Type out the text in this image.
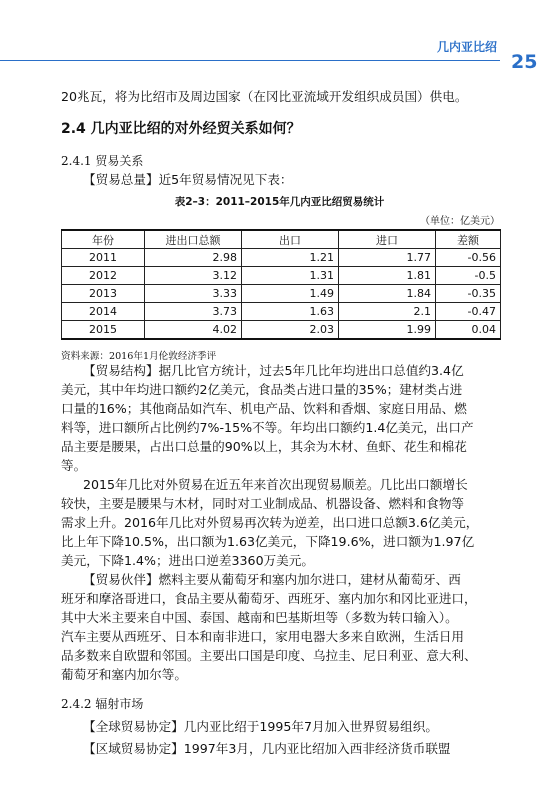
几内亚比绍
25
20兆瓦，将为比绍市及周边国家（在冈比亚流域开发组织成员国）供电。
2.4 几内亚比绍的对外经贸关系如何？
2.4.1 贸易关系
【贸易总量】近5年贸易情况见下表：
表2–3：2011–2015年几内亚比绍贸易统计
（单位：亿美元）
年份	进出口总额	出口	进口	差额
2011	2.98	1.21	1.77	-0.56
2012	3.12	1.31	1.81	-0.5
2013	3.33	1.49	1.84	-0.35
2014	3.73	1.63	2.1	-0.47
2015	4.02	2.03	1.99	0.04
资料来源：2016年1月伦敦经济季评
【贸易结构】据几比官方统计，过去5年几比年均进出口总值约3.4亿
美元，其中年均进口额约2亿美元，食品类占进口量的35%；建材类占进
口量的16%；其他商品如汽车、机电产品、饮料和香烟、家庭日用品、燃
料等，进口额所占比例约7%-15%不等。年均出口额约1.4亿美元，出口产
品主要是腰果，占出口总量的90%以上，其余为木材、鱼虾、花生和棉花
等。
2015年几比对外贸易在近五年来首次出现贸易顺差。几比出口额增长
较快，主要是腰果与木材，同时对工业制成品、机器设备、燃料和食物等
需求上升。2016年几比对外贸易再次转为逆差，出口进口总额3.6亿美元，
比上年下降10.5%，出口额为1.63亿美元，下降19.6%，进口额为1.97亿
美元，下降1.4%；进出口逆差3360万美元。
【贸易伙伴】燃料主要从葡萄牙和塞内加尔进口，建材从葡萄牙、西
班牙和摩洛哥进口，食品主要从葡萄牙、西班牙、塞内加尔和冈比亚进口，
其中大米主要来自中国、泰国、越南和巴基斯坦等（多数为转口输入）。
汽车主要从西班牙、日本和南非进口，家用电器大多来自欧洲，生活日用
品多数来自欧盟和邻国。主要出口国是印度、乌拉圭、尼日利亚、意大利、
葡萄牙和塞内加尔等。
2.4.2 辐射市场
【全球贸易协定】几内亚比绍于1995年7月加入世界贸易组织。
【区域贸易协定】1997年3月，几内亚比绍加入西非经济货币联盟
